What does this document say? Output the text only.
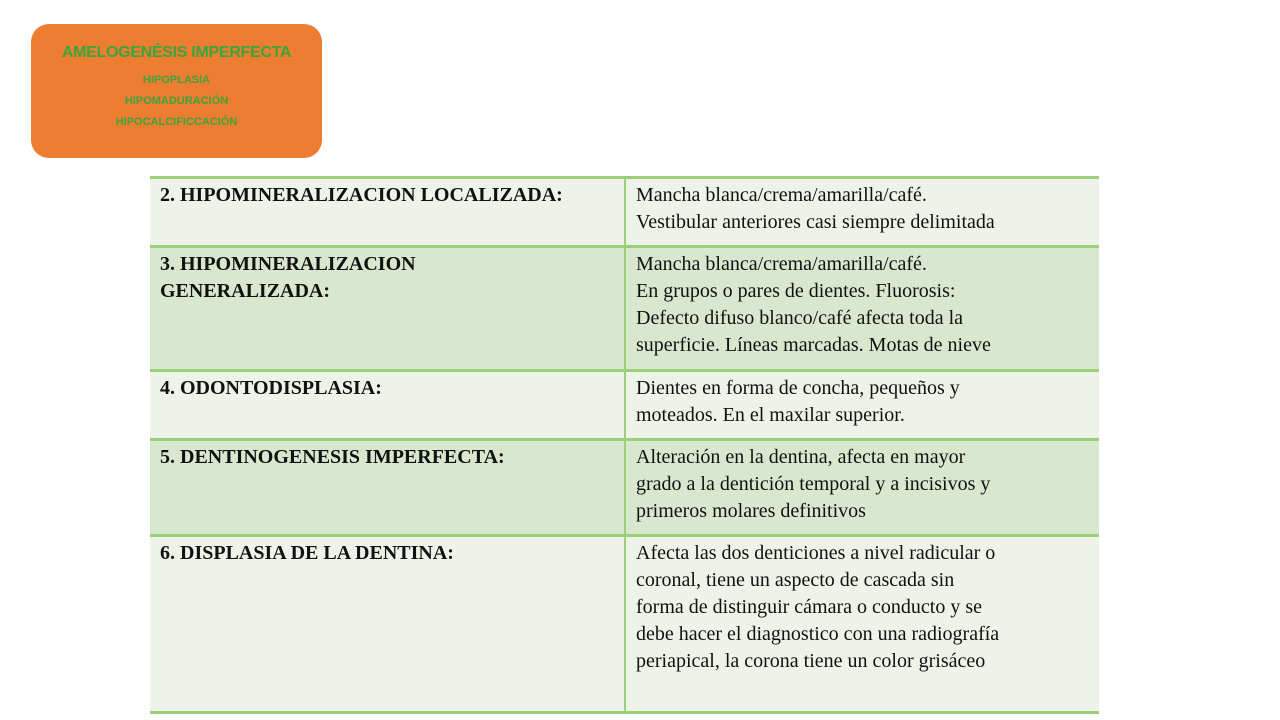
AMELOGENÉSIS IMPERFECTA
HIPOPLASIA
HIPOMADURACIÓN
HIPOCALCIFICCACIÓN
2. HIPOMINERALIZACION LOCALIZADA:	Mancha blanca/crema/amarilla/café.
Vestibular anteriores casi siempre delimitada

3. HIPOMINERALIZACION
GENERALIZADA:	Mancha blanca/crema/amarilla/café.
En grupos o pares de dientes. Fluorosis:
Defecto difuso blanco/café afecta toda la
superficie. Líneas marcadas. Motas de nieve

4. ODONTODISPLASIA:	Dientes en forma de concha, pequeños y
moteados. En el maxilar superior.

5. DENTINOGENESIS IMPERFECTA:	Alteración en la dentina, afecta en mayor
grado a la dentición temporal y a incisivos y
primeros molares definitivos

6. DISPLASIA DE LA DENTINA:	Afecta las dos denticiones a nivel radicular o
coronal, tiene un aspecto de cascada sin
forma de distinguir cámara o conducto y se
debe hacer el diagnostico con una radiografía
periapical, la corona tiene un color grisáceo
